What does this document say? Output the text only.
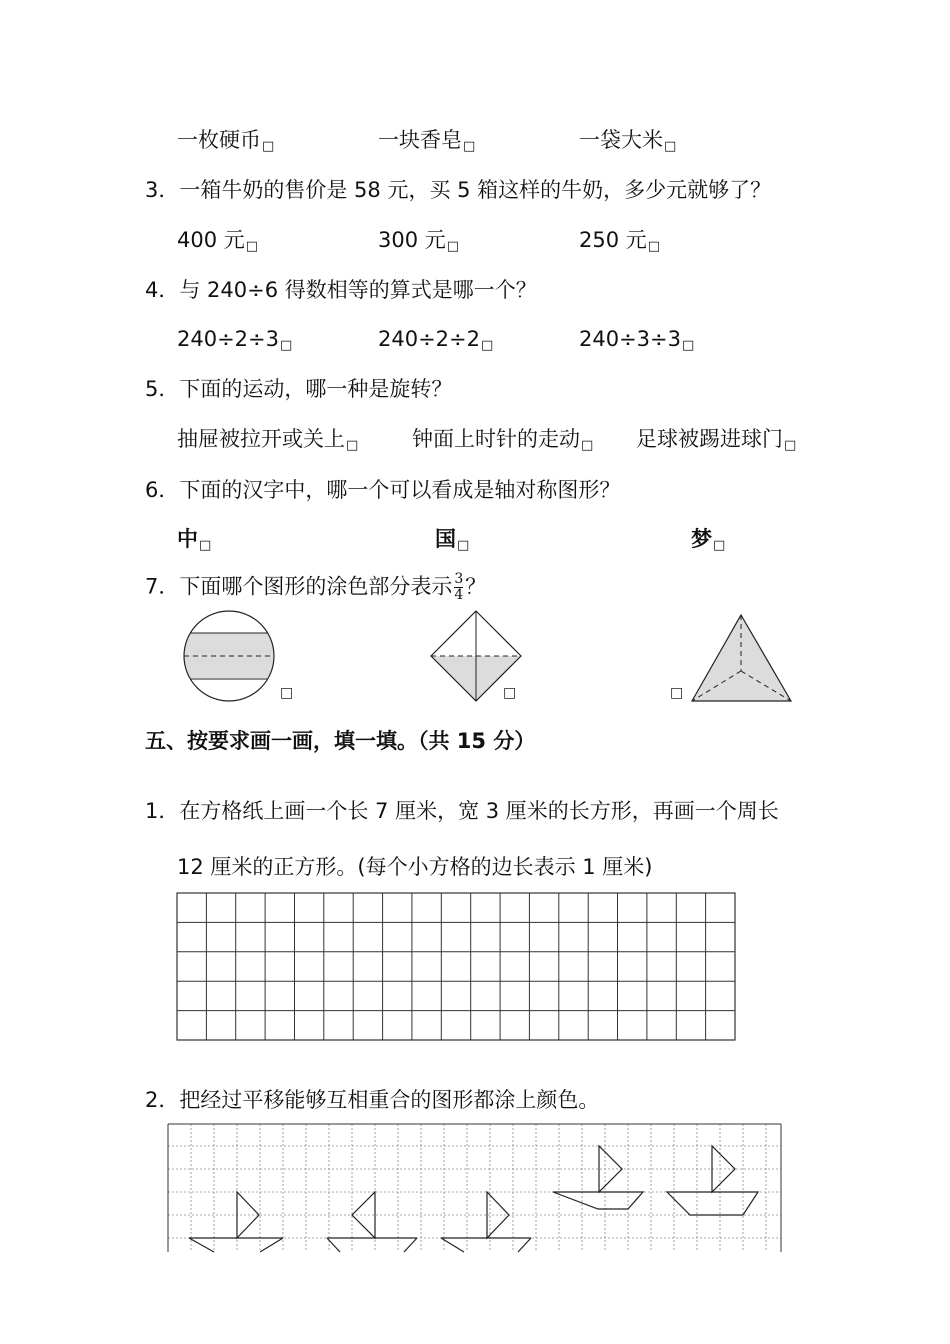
一枚硬币□	一块香皂□	一袋大米□
3．一箱牛奶的售价是 58 元，买 5 箱这样的牛奶，多少元就够了？
400 元□	300 元□	250 元□
4．与 240÷6 得数相等的算式是哪一个？
240÷2÷3□	240÷2÷2□	240÷3÷3□
5．下面的运动，哪一种是旋转？
抽屉被拉开或关上□	钟面上时针的走动□ 足球被踢进球门□
6．下面的汉字中，哪一个可以看成是轴对称图形？
中□	国□	梦□
7．下面哪个图形的涂色部分表示 $\frac{3}{4}$ ？
□	□	□
五、按要求画一画，填一填。（共 15 分）
1．在方格纸上画一个长 7 厘米，宽 3 厘米的长方形，再画一个周长
12 厘米的正方形。(每个小方格的边长表示 1 厘米)
2．把经过平移能够互相重合的图形都涂上颜色。
